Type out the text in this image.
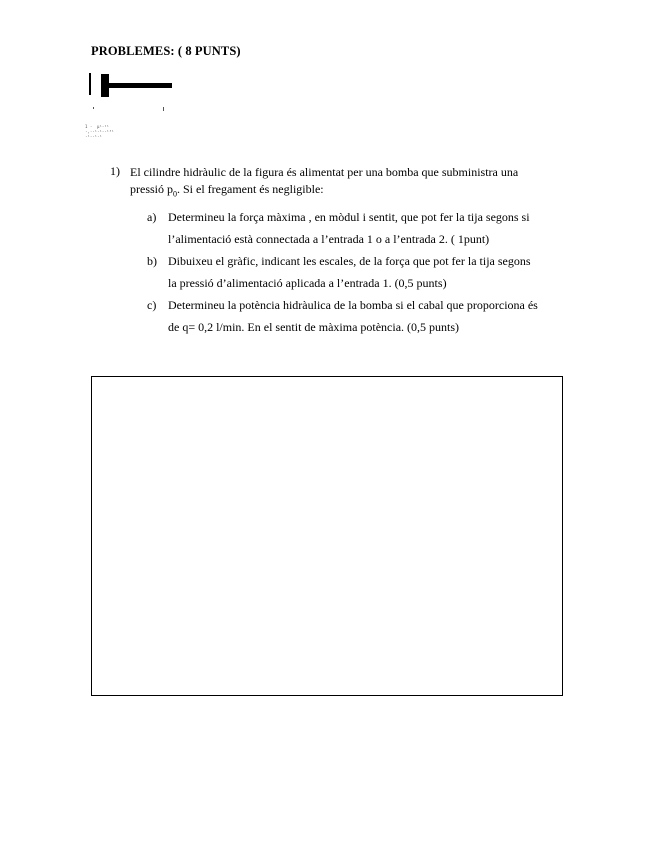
PROBLEMES: ( 8 PUNTS)
1 ·  µ¹·¹¹
·,··¹·¹··¹³¹
·¹··¹·¹
1) El cilindre hidràulic de la figura és alimentat per una bomba que subministra una
pressió $p_0$. Si el fregament és negligible:
a) Determineu la força màxima , en mòdul i sentit, que pot fer la tija segons si
l’alimentació està connectada a l’entrada 1 o a l’entrada 2. ( 1punt)
b) Dibuixeu el gràfic, indicant les escales, de la força que pot fer la tija segons
la pressió d’alimentació aplicada a l’entrada 1. (0,5 punts)
c) Determineu la potència hidràulica de la bomba si el cabal que proporciona és
de q= 0,2 l/min. En el sentit de màxima potència. (0,5 punts)
